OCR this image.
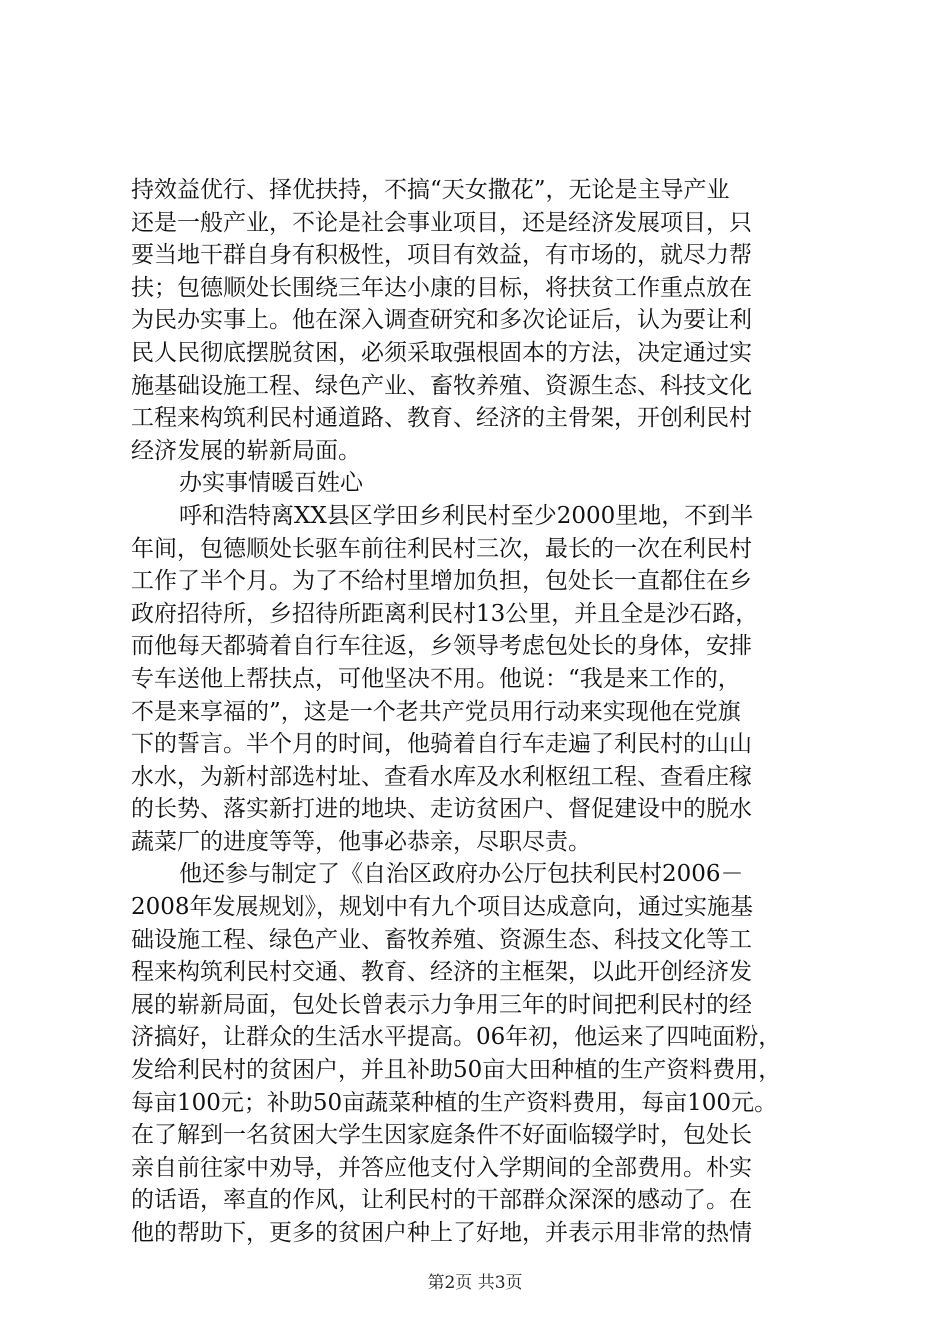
持效益优行、择优扶持，不搞“天女撒花”，无论是主导产业
还是一般产业，不论是社会事业项目，还是经济发展项目，只
要当地干群自身有积极性，项目有效益，有市场的，就尽力帮
扶；包德顺处长围绕三年达小康的目标，将扶贫工作重点放在
为民办实事上。他在深入调查研究和多次论证后，认为要让利
民人民彻底摆脱贫困，必须采取强根固本的方法，决定通过实
施基础设施工程、绿色产业、畜牧养殖、资源生态、科技文化
工程来构筑利民村通道路、教育、经济的主骨架，开创利民村
经济发展的崭新局面。
办实事情暖百姓心
呼和浩特离XX县区学田乡利民村至少2000里地，不到半
年间，包德顺处长驱车前往利民村三次，最长的一次在利民村
工作了半个月。为了不给村里增加负担，包处长一直都住在乡
政府招待所，乡招待所距离利民村13公里，并且全是沙石路，
而他每天都骑着自行车往返，乡领导考虑包处长的身体，安排
专车送他上帮扶点，可他坚决不用。他说：“我是来工作的，
不是来享福的”，这是一个老共产党员用行动来实现他在党旗
下的誓言。半个月的时间，他骑着自行车走遍了利民村的山山
水水，为新村部选村址、查看水库及水利枢纽工程、查看庄稼
的长势、落实新打进的地块、走访贫困户、督促建设中的脱水
蔬菜厂的进度等等，他事必恭亲，尽职尽责。
他还参与制定了《自治区政府办公厅包扶利民村2006－
2008年发展规划》，规划中有九个项目达成意向，通过实施基
础设施工程、绿色产业、畜牧养殖、资源生态、科技文化等工
程来构筑利民村交通、教育、经济的主框架，以此开创经济发
展的崭新局面，包处长曾表示力争用三年的时间把利民村的经
济搞好，让群众的生活水平提高。06年初，他运来了四吨面粉，
发给利民村的贫困户，并且补助50亩大田种植的生产资料费用，
每亩100元；补助50亩蔬菜种植的生产资料费用，每亩100元。
在了解到一名贫困大学生因家庭条件不好面临辍学时，包处长
亲自前往家中劝导，并答应他支付入学期间的全部费用。朴实
的话语，率直的作风，让利民村的干部群众深深的感动了。在
他的帮助下，更多的贫困户种上了好地，并表示用非常的热情
第2页 共3页
